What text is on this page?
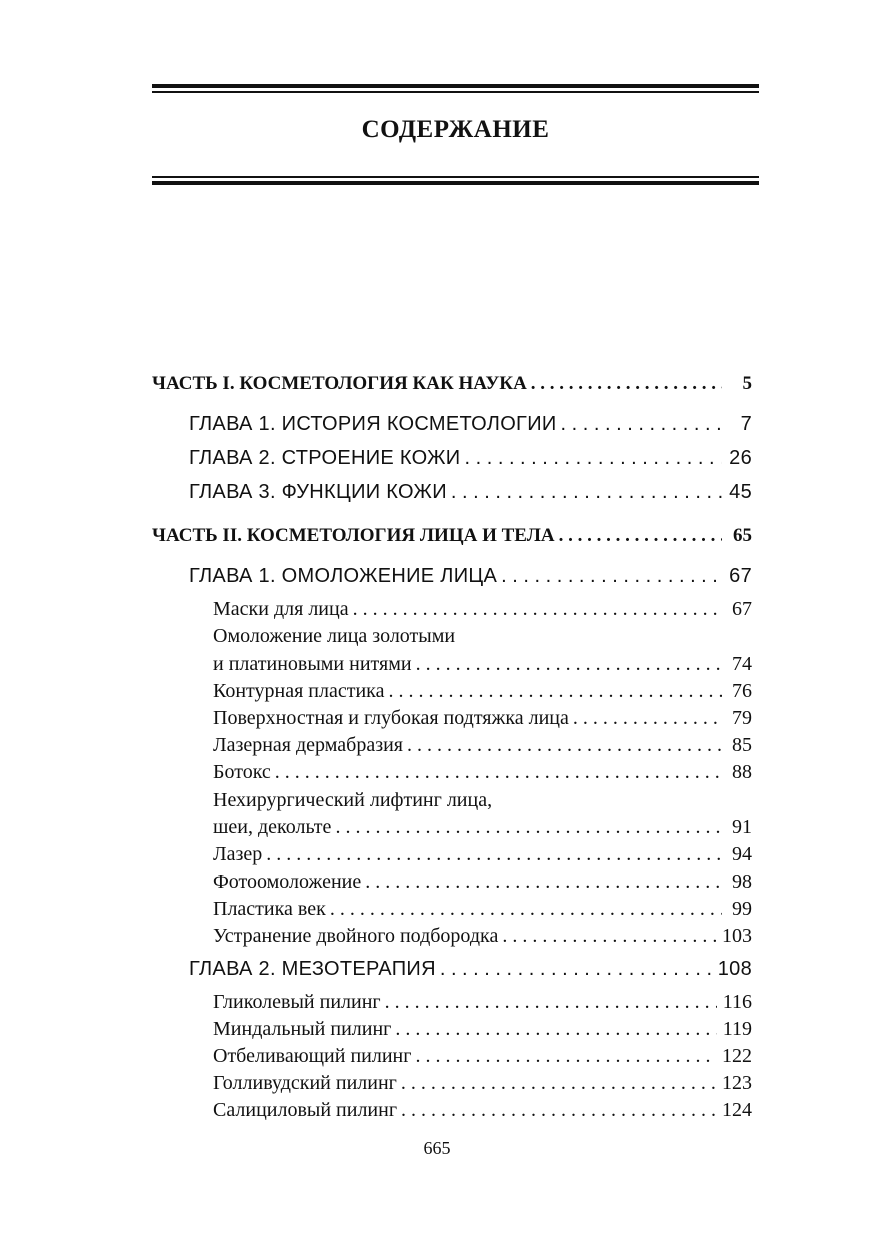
СОДЕРЖАНИЕ
ЧАСТЬ I. КОСМЕТОЛОГИЯ КАК НАУКА . . .	5
ГЛАВА 1. ИСТОРИЯ КОСМЕТОЛОГИИ . . .	7
ГЛАВА 2. СТРОЕНИЕ КОЖИ . . .	26
ГЛАВА 3. ФУНКЦИИ КОЖИ . . .	45
ЧАСТЬ II. КОСМЕТОЛОГИЯ ЛИЦА И ТЕЛА . . .	65
ГЛАВА 1. ОМОЛОЖЕНИЕ ЛИЦА . . .	67
Маски для лица . . .	67
Омоложение лица золотыми
и платиновыми нитями . . .	74
Контурная пластика . . .	76
Поверхностная и глубокая подтяжка лица . . .	79
Лазерная дермабразия . . .	85
Ботокс . . .	88
Нехирургический лифтинг лица,
шеи, декольте . . .	91
Лазер . . .	94
Фотоомоложение . . .	98
Пластика век . . .	99
Устранение двойного подбородка . . .	103
ГЛАВА 2. МЕЗОТЕРАПИЯ . . .	108
Гликолевый пилинг . . .	116
Миндальный пилинг . . .	119
Отбеливающий пилинг . . .	122
Голливудский пилинг . . .	123
Салициловый пилинг . . .	124
665
